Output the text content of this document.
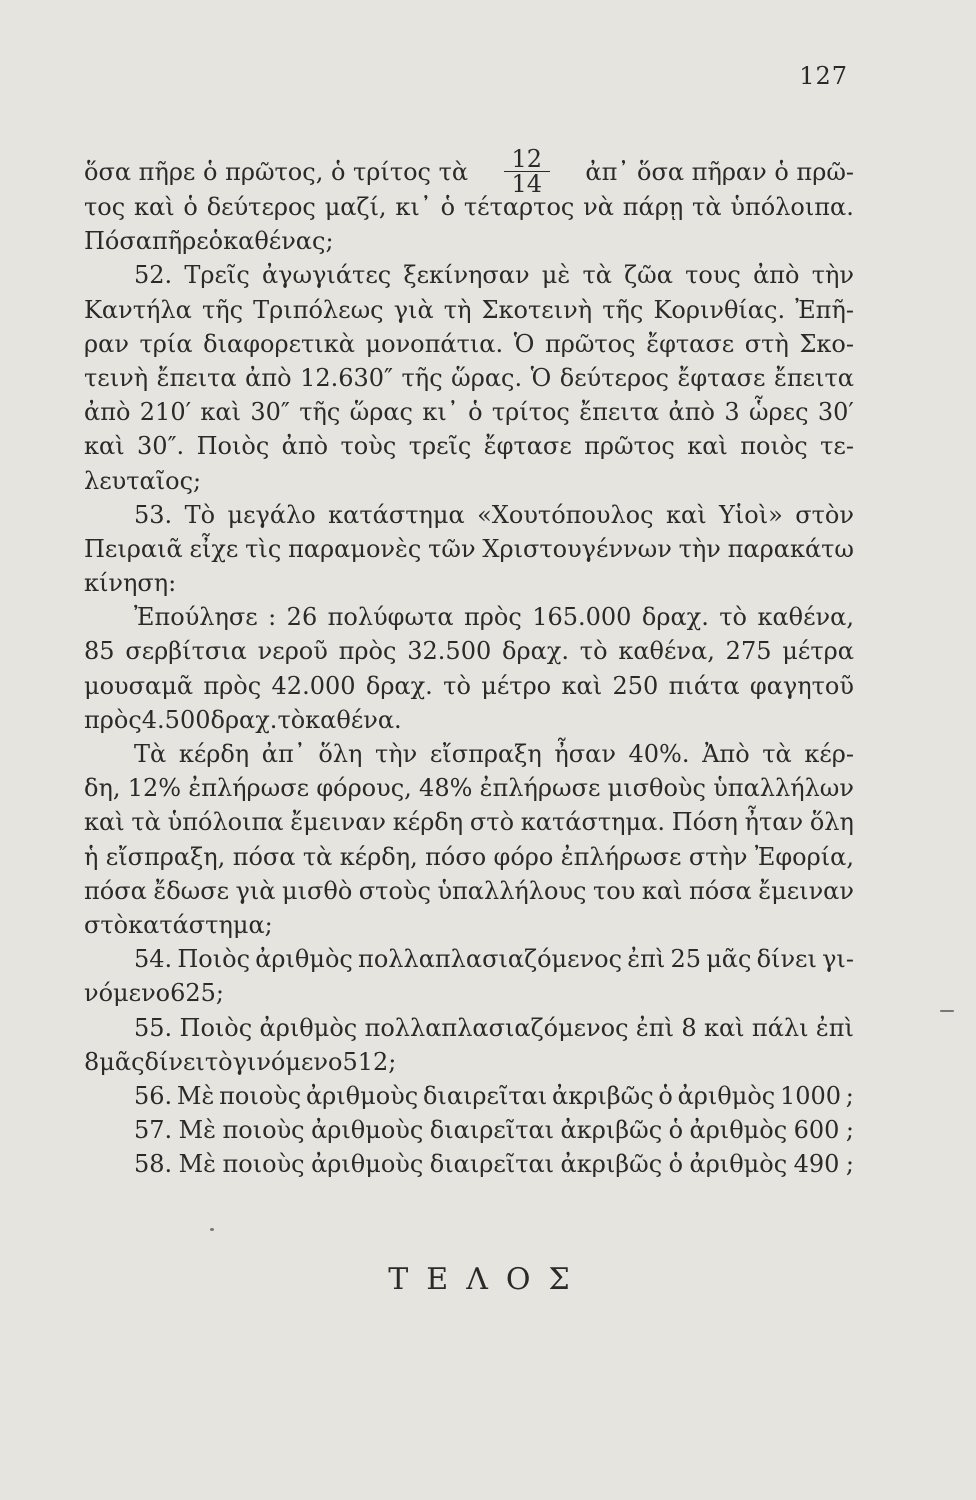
127
ὅσα πῆρε ὁ πρῶτος, ὁ τρίτος τὰ $\frac{12}{14}$ ἀπ᾽ ὅσα πῆραν ὁ πρῶ-
τος καὶ ὁ δεύτερος μαζί, κι᾽ ὁ τέταρτος νὰ πάρῃ τὰ ὑπόλοιπα.
Πόσα πῆρε ὁ καθένας ;
52. Τρεῖς ἀγωγιάτες ξεκίνησαν μὲ τὰ ζῶα τους ἀπὸ τὴν
Καντήλα τῆς Τριπόλεως γιὰ τὴ Σκοτεινὴ τῆς Κορινθίας. Ἐπῆ-
ραν τρία διαφορετικὰ μονοπάτια. Ὁ πρῶτος ἔφτασε στὴ Σκο-
τεινὴ ἔπειτα ἀπὸ 12.630″ τῆς ὥρας. Ὁ δεύτερος ἔφτασε ἔπειτα
ἀπὸ 210′ καὶ 30″ τῆς ὥρας κι᾽ ὁ τρίτος ἔπειτα ἀπὸ 3 ὧρες 30′
καὶ 30″. Ποιὸς ἀπὸ τοὺς τρεῖς ἔφτασε πρῶτος καὶ ποιὸς τε-
λευταῖος ;
53. Τὸ μεγάλο κατάστημα «Χουτόπουλος καὶ Υἱοὶ» στὸν
Πειραιᾶ εἶχε τὶς παραμονὲς τῶν Χριστουγέννων τὴν παρακάτω
κίνηση :
Ἐπούλησε : 26 πολύφωτα πρὸς 165.000 δραχ. τὸ καθένα,
85 σερβίτσια νεροῦ πρὸς 32.500 δραχ. τὸ καθένα, 275 μέτρα
μουσαμᾶ πρὸς 42.000 δραχ. τὸ μέτρο καὶ 250 πιάτα φαγητοῦ
πρὸς 4.500 δραχ. τὸ καθένα.
Τὰ κέρδη ἀπ᾽ ὅλη τὴν εἴσπραξη ἦσαν 40%. Ἀπὸ τὰ κέρ-
δη, 12% ἐπλήρωσε φόρους, 48% ἐπλήρωσε μισθοὺς ὑπαλλήλων
καὶ τὰ ὑπόλοιπα ἔμειναν κέρδη στὸ κατάστημα. Πόση ἦταν ὅλη
ἡ εἴσπραξη, πόσα τὰ κέρδη, πόσο φόρο ἐπλήρωσε στὴν Ἐφορία,
πόσα ἔδωσε γιὰ μισθὸ στοὺς ὑπαλλήλους του καὶ πόσα ἔμειναν
στὸ κατάστημα ;
54. Ποιὸς ἀριθμὸς πολλαπλασιαζόμενος ἐπὶ 25 μᾶς δίνει γι-
νόμενο 625 ;
55. Ποιὸς ἀριθμὸς πολλαπλασιαζόμενος ἐπὶ 8 καὶ πάλι ἐπὶ
8 μᾶς δίνει τὸ γινόμενο 512 ;
56. Μὲ ποιοὺς ἀριθμοὺς διαιρεῖται ἀκριβῶς ὁ ἀριθμὸς 1000 ;
57. Μὲ ποιοὺς ἀριθμοὺς διαιρεῖται ἀκριβῶς ὁ ἀριθμὸς 600 ;
58. Μὲ ποιοὺς ἀριθμοὺς διαιρεῖται ἀκριβῶς ὁ ἀριθμὸς 490 ;
ΤΕΛΟΣ
